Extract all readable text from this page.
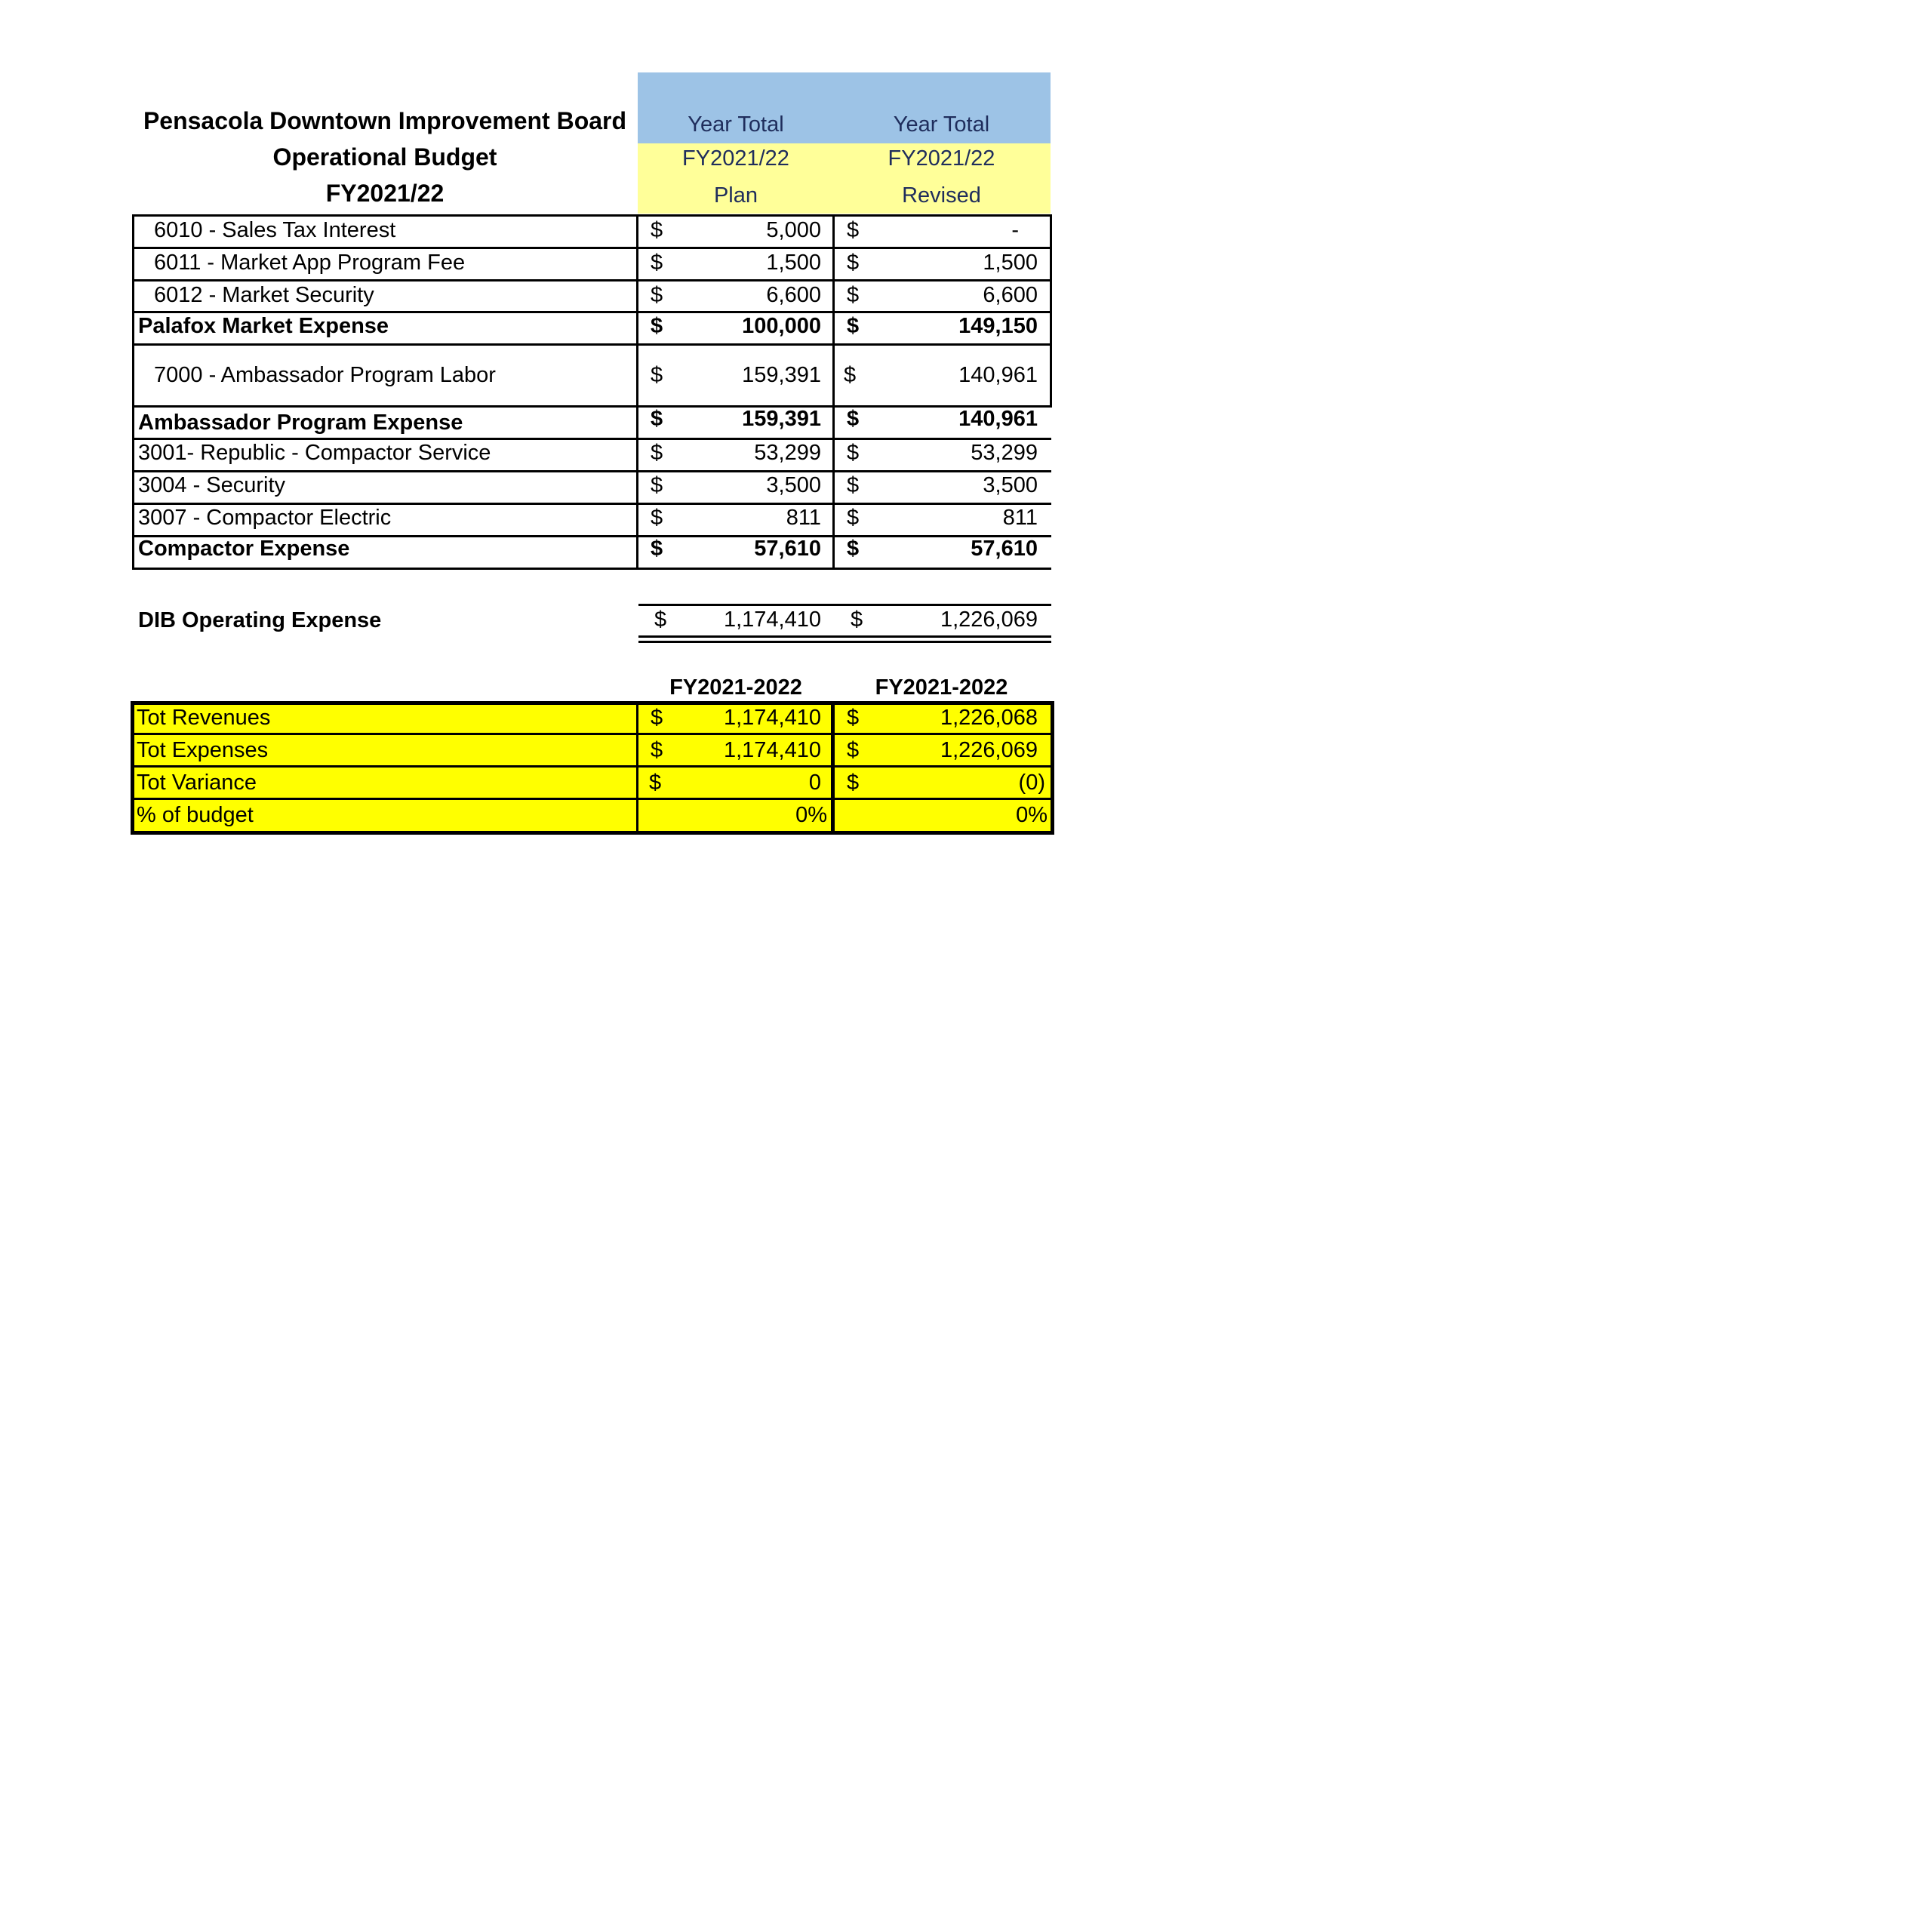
Pensacola Downtown Improvement Board
Operational Budget
FY2021/22
Year Total
FY2021/22
Plan
Year Total
FY2021/22
Revised
6010 - Sales Tax Interest	$	5,000 $	-
6011 - Market App Program Fee	$	1,500 $	1,500
6012 - Market Security	$	6,600 $	6,600
Palafox Market Expense	$	100,000 $	149,150
7000 - Ambassador Program Labor	$	159,391 $	140,961
Ambassador Program Expense	$	159,391 $	140,961
3001- Republic - Compactor Service	$	53,299 $	53,299
3004 - Security	$	3,500 $	3,500
3007 - Compactor Electric	$	811 $	811
Compactor Expense	$	57,610 $	57,610
DIB Operating Expense	$	1,174,410 $	1,226,069
FY2021-2022	FY2021-2022
Tot Revenues	$	1,174,410 $	1,226,068
Tot Expenses	$	1,174,410 $	1,226,069
Tot Variance	$	0 $	(0)
% of budget	0%	0%
